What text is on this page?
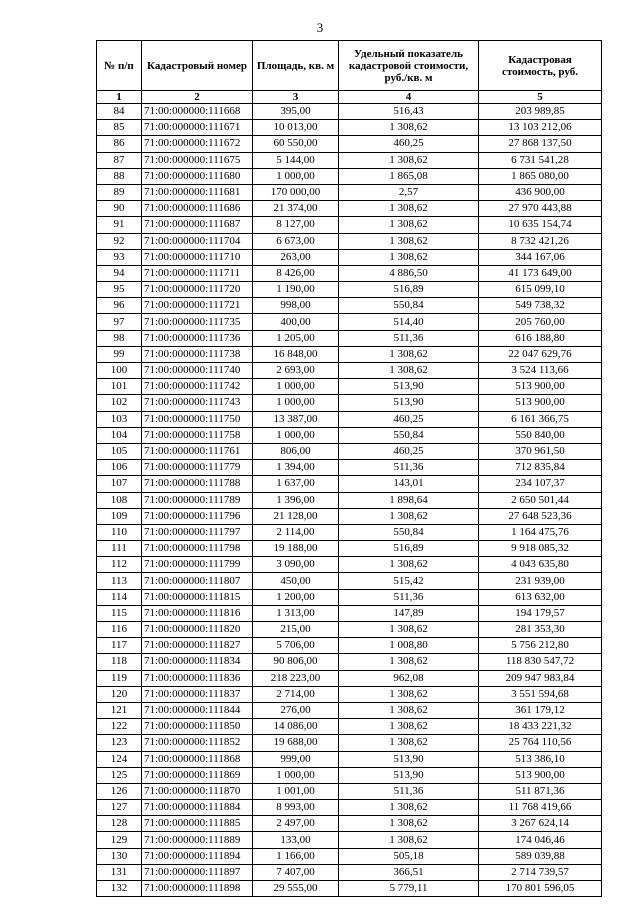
3
№ п/п	Кадастровый номер	Площадь, кв. м	Удельный показатель кадастровой стоимости, руб./кв. м	Кадастровая стоимость, руб.
1	2	3	4	5
84	71:00:000000:111668	395,00	516,43	203 989,85
85	71:00:000000:111671	10 013,00	1 308,62	13 103 212,06
86	71:00:000000:111672	60 550,00	460,25	27 868 137,50
87	71:00:000000:111675	5 144,00	1 308,62	6 731 541,28
88	71:00:000000:111680	1 000,00	1 865,08	1 865 080,00
89	71:00:000000:111681	170 000,00	2,57	436 900,00
90	71:00:000000:111686	21 374,00	1 308,62	27 970 443,88
91	71:00:000000:111687	8 127,00	1 308,62	10 635 154,74
92	71:00:000000:111704	6 673,00	1 308,62	8 732 421,26
93	71:00:000000:111710	263,00	1 308,62	344 167,06
94	71:00:000000:111711	8 426,00	4 886,50	41 173 649,00
95	71:00:000000:111720	1 190,00	516,89	615 099,10
96	71:00:000000:111721	998,00	550,84	549 738,32
97	71:00:000000:111735	400,00	514,40	205 760,00
98	71:00:000000:111736	1 205,00	511,36	616 188,80
99	71:00:000000:111738	16 848,00	1 308,62	22 047 629,76
100	71:00:000000:111740	2 693,00	1 308,62	3 524 113,66
101	71:00:000000:111742	1 000,00	513,90	513 900,00
102	71:00:000000:111743	1 000,00	513,90	513 900,00
103	71:00:000000:111750	13 387,00	460,25	6 161 366,75
104	71:00:000000:111758	1 000,00	550,84	550 840,00
105	71:00:000000:111761	806,00	460,25	370 961,50
106	71:00:000000:111779	1 394,00	511,36	712 835,84
107	71:00:000000:111788	1 637,00	143,01	234 107,37
108	71:00:000000:111789	1 396,00	1 898,64	2 650 501,44
109	71:00:000000:111796	21 128,00	1 308,62	27 648 523,36
110	71:00:000000:111797	2 114,00	550,84	1 164 475,76
111	71:00:000000:111798	19 188,00	516,89	9 918 085,32
112	71:00:000000:111799	3 090,00	1 308,62	4 043 635,80
113	71:00:000000:111807	450,00	515,42	231 939,00
114	71:00:000000:111815	1 200,00	511,36	613 632,00
115	71:00:000000:111816	1 313,00	147,89	194 179,57
116	71:00:000000:111820	215,00	1 308,62	281 353,30
117	71:00:000000:111827	5 706,00	1 008,80	5 756 212,80
118	71:00:000000:111834	90 806,00	1 308,62	118 830 547,72
119	71:00:000000:111836	218 223,00	962,08	209 947 983,84
120	71:00:000000:111837	2 714,00	1 308,62	3 551 594,68
121	71:00:000000:111844	276,00	1 308,62	361 179,12
122	71:00:000000:111850	14 086,00	1 308,62	18 433 221,32
123	71:00:000000:111852	19 688,00	1 308,62	25 764 110,56
124	71:00:000000:111868	999,00	513,90	513 386,10
125	71:00:000000:111869	1 000,00	513,90	513 900,00
126	71:00:000000:111870	1 001,00	511,36	511 871,36
127	71:00:000000:111884	8 993,00	1 308,62	11 768 419,66
128	71:00:000000:111885	2 497,00	1 308,62	3 267 624,14
129	71:00:000000:111889	133,00	1 308,62	174 046,46
130	71:00:000000:111894	1 166,00	505,18	589 039,88
131	71:00:000000:111897	7 407,00	366,51	2 714 739,57
132	71:00:000000:111898	29 555,00	5 779,11	170 801 596,05
